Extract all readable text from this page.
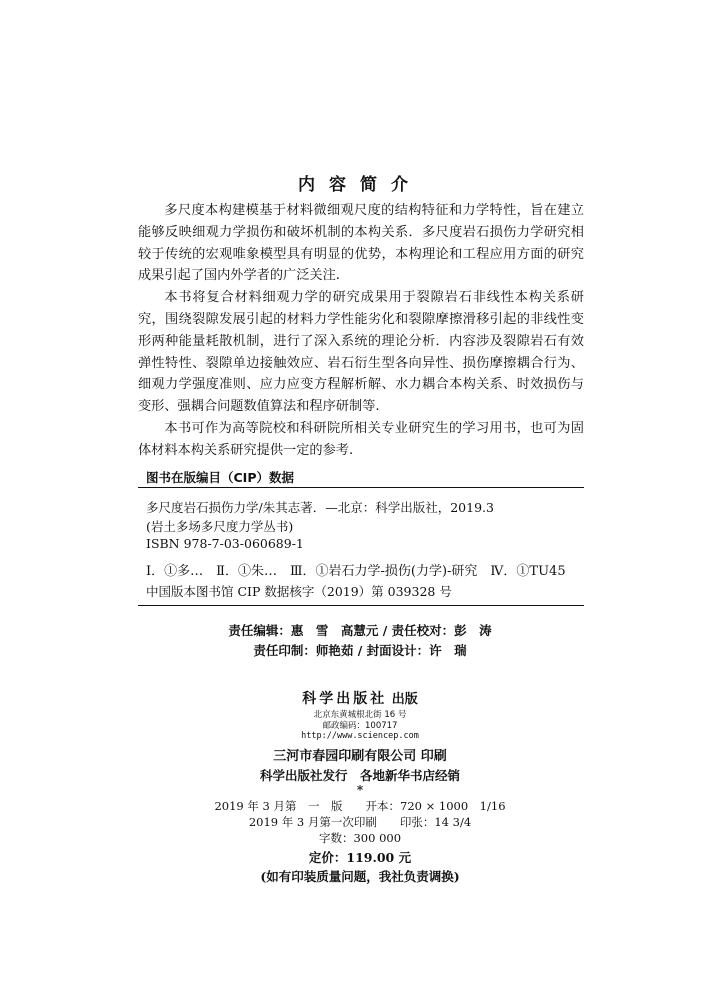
内容简介

多尺度本构建模基于材料微细观尺度的结构特征和力学特性，旨在建立能够反映细观力学损伤和破坏机制的本构关系．多尺度岩石损伤力学研究相较于传统的宏观唯象模型具有明显的优势，本构理论和工程应用方面的研究成果引起了国内外学者的广泛关注.

本书将复合材料细观力学的研究成果用于裂隙岩石非线性本构关系研究，围绕裂隙发展引起的材料力学性能劣化和裂隙摩擦滑移引起的非线性变形两种能量耗散机制，进行了深入系统的理论分析．内容涉及裂隙岩石有效弹性特性、裂隙单边接触效应、岩石衍生型各向异性、损伤摩擦耦合行为、细观力学强度准则、应力应变方程解析解、水力耦合本构关系、时效损伤与变形、强耦合问题数值算法和程序研制等.

本书可作为高等院校和科研院所相关专业研究生的学习用书，也可为固体材料本构关系研究提供一定的参考.

图书在版编目（CIP）数据
多尺度岩石损伤力学/朱其志著．—北京：科学出版社，2019.3
(岩土多场多尺度力学丛书)
ISBN 978-7-03-060689-1
Ⅰ．①多…　Ⅱ．①朱…　Ⅲ．①岩石力学-损伤(力学)-研究　Ⅳ．①TU45
中国版本图书馆 CIP 数据核字（2019）第 039328 号
责任编辑：惠　雪　高慧元 / 责任校对：彭　涛
责任印制：师艳茹 / 封面设计：许　瑞
科学出版社 出版
北京东黄城根北街 16 号
邮政编码：100717
http://www.sciencep.com
三河市春园印刷有限公司 印刷
科学出版社发行　各地新华书店经销
*
2019 年 3 月第　一　版　　开本：720 × 1000　1/16
2019 年 3 月第一次印刷　　印张：14 3/4
字数：300 000
定价：119.00 元
(如有印装质量问题，我社负责调换)
